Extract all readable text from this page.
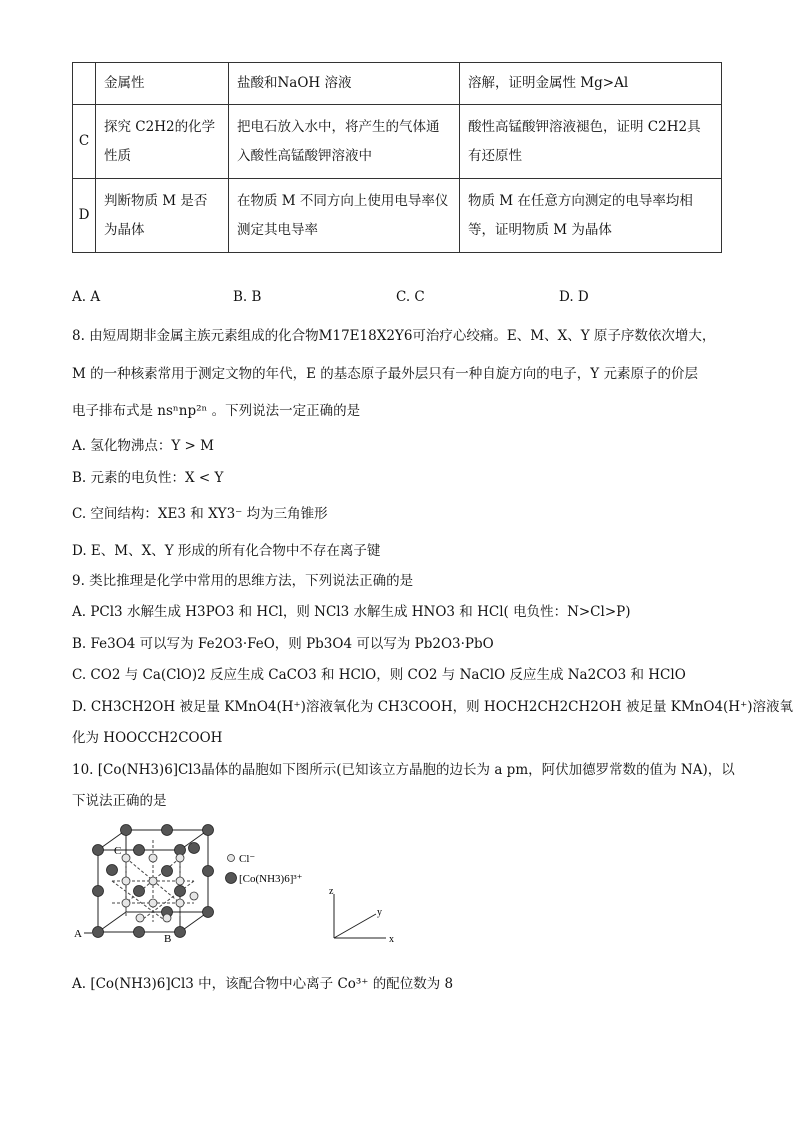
	金属性	盐酸和NaOH 溶液	溶解，证明金属性 Mg>Al
C	探究 C2H2的化学性质	把电石放入水中，将产生的气体通入酸性高锰酸钾溶液中	酸性高锰酸钾溶液褪色，证明 C2H2具有还原性
D	判断物质 M 是否为晶体	在物质 M 不同方向上使用电导率仪测定其电导率	物质 M 在任意方向测定的电导率均相等，证明物质 M 为晶体
A. A	B. B	C. C	D. D
8. 由短周期非金属主族元素组成的化合物M17E18X2Y6可治疗心绞痛。E、M、X、Y 原子序数依次增大，
M 的一种核素常用于测定文物的年代，E 的基态原子最外层只有一种自旋方向的电子，Y 元素原子的价层
电子排布式是 nsⁿnp²ⁿ 。下列说法一定正确的是
A. 氢化物沸点：Y > M
B. 元素的电负性：X < Y
C. 空间结构：XE3 和 XY3⁻ 均为三角锥形
D. E、M、X、Y 形成的所有化合物中不存在离子键
9. 类比推理是化学中常用的思维方法，下列说法正确的是
A. PCl3 水解生成 H3PO3 和 HCl，则 NCl3 水解生成 HNO3 和 HCl( 电负性：N>Cl>P)
B. Fe3O4 可以写为 Fe2O3·FeO，则 Pb3O4 可以写为 Pb2O3·PbO
C. CO2 与 Ca(ClO)2 反应生成 CaCO3 和 HClO，则 CO2 与 NaClO 反应生成 Na2CO3 和 HClO
D. CH3CH2OH 被足量 KMnO4(H⁺)溶液氧化为 CH3COOH，则 HOCH2CH2CH2OH 被足量 KMnO4(H⁺)溶液氧
化为 HOOCCH2COOH
10. [Co(NH3)6]Cl3晶体的晶胞如下图所示(已知该立方晶胞的边长为 a pm，阿伏加德罗常数的值为 NA)，以
下说法正确的是
A	B
C
Cl⁻
[Co(NH3)6]³⁺
x
y
z
A. [Co(NH3)6]Cl3 中，该配合物中心离子 Co³⁺ 的配位数为 8
